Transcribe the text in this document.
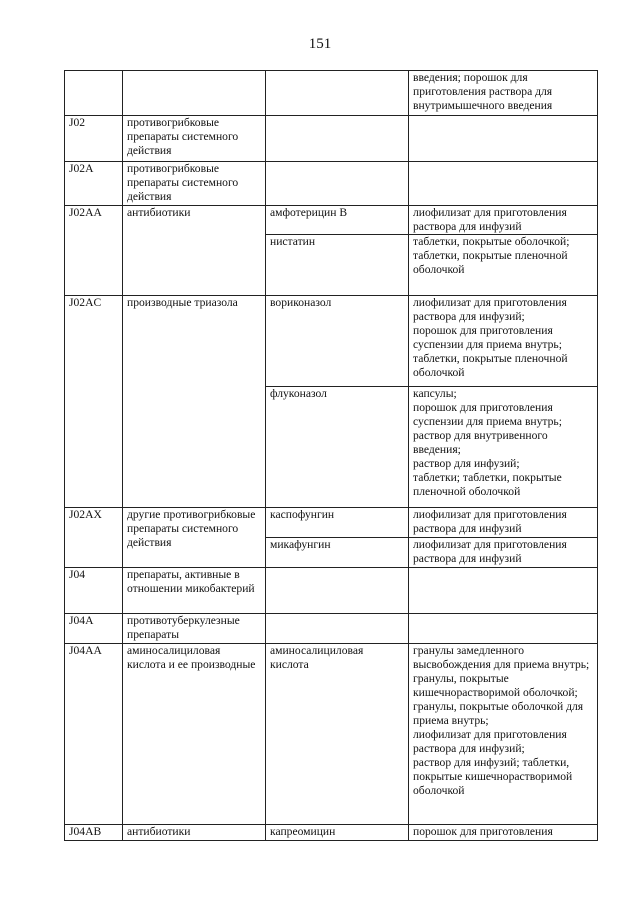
151
			введения; порошок для приготовления раствора для внутримышечного введения
J02	противогрибковые препараты системного действия		
J02A	противогрибковые препараты системного действия		
J02AA	антибиотики	амфотерицин B	лиофилизат для приготовления раствора для инфузий
		нистатин	таблетки, покрытые оболочкой;
таблетки, покрытые пленочной оболочкой
J02AC	производные триазола	вориконазол	лиофилизат для приготовления раствора для инфузий;
порошок для приготовления суспензии для приема внутрь;
таблетки, покрытые пленочной оболочкой
		флуконазол	капсулы;
порошок для приготовления суспензии для приема внутрь;
раствор для внутривенного введения;
раствор для инфузий;
таблетки; таблетки, покрытые пленочной оболочкой
J02AX	другие противогрибковые препараты системного действия	каспофунгин	лиофилизат для приготовления раствора для инфузий
		микафунгин	лиофилизат для приготовления раствора для инфузий
J04	препараты, активные в отношении микобактерий		
J04A	противотуберкулезные препараты		
J04AA	аминосалициловая кислота и ее производные	аминосалициловая кислота	гранулы замедленного высвобождения для приема внутрь;
гранулы, покрытые кишечнорастворимой оболочкой; гранулы, покрытые оболочкой для приема внутрь;
лиофилизат для приготовления раствора для инфузий;
раствор для инфузий; таблетки, покрытые кишечнорастворимой оболочкой
J04AB	антибиотики	капреомицин	порошок для приготовления
